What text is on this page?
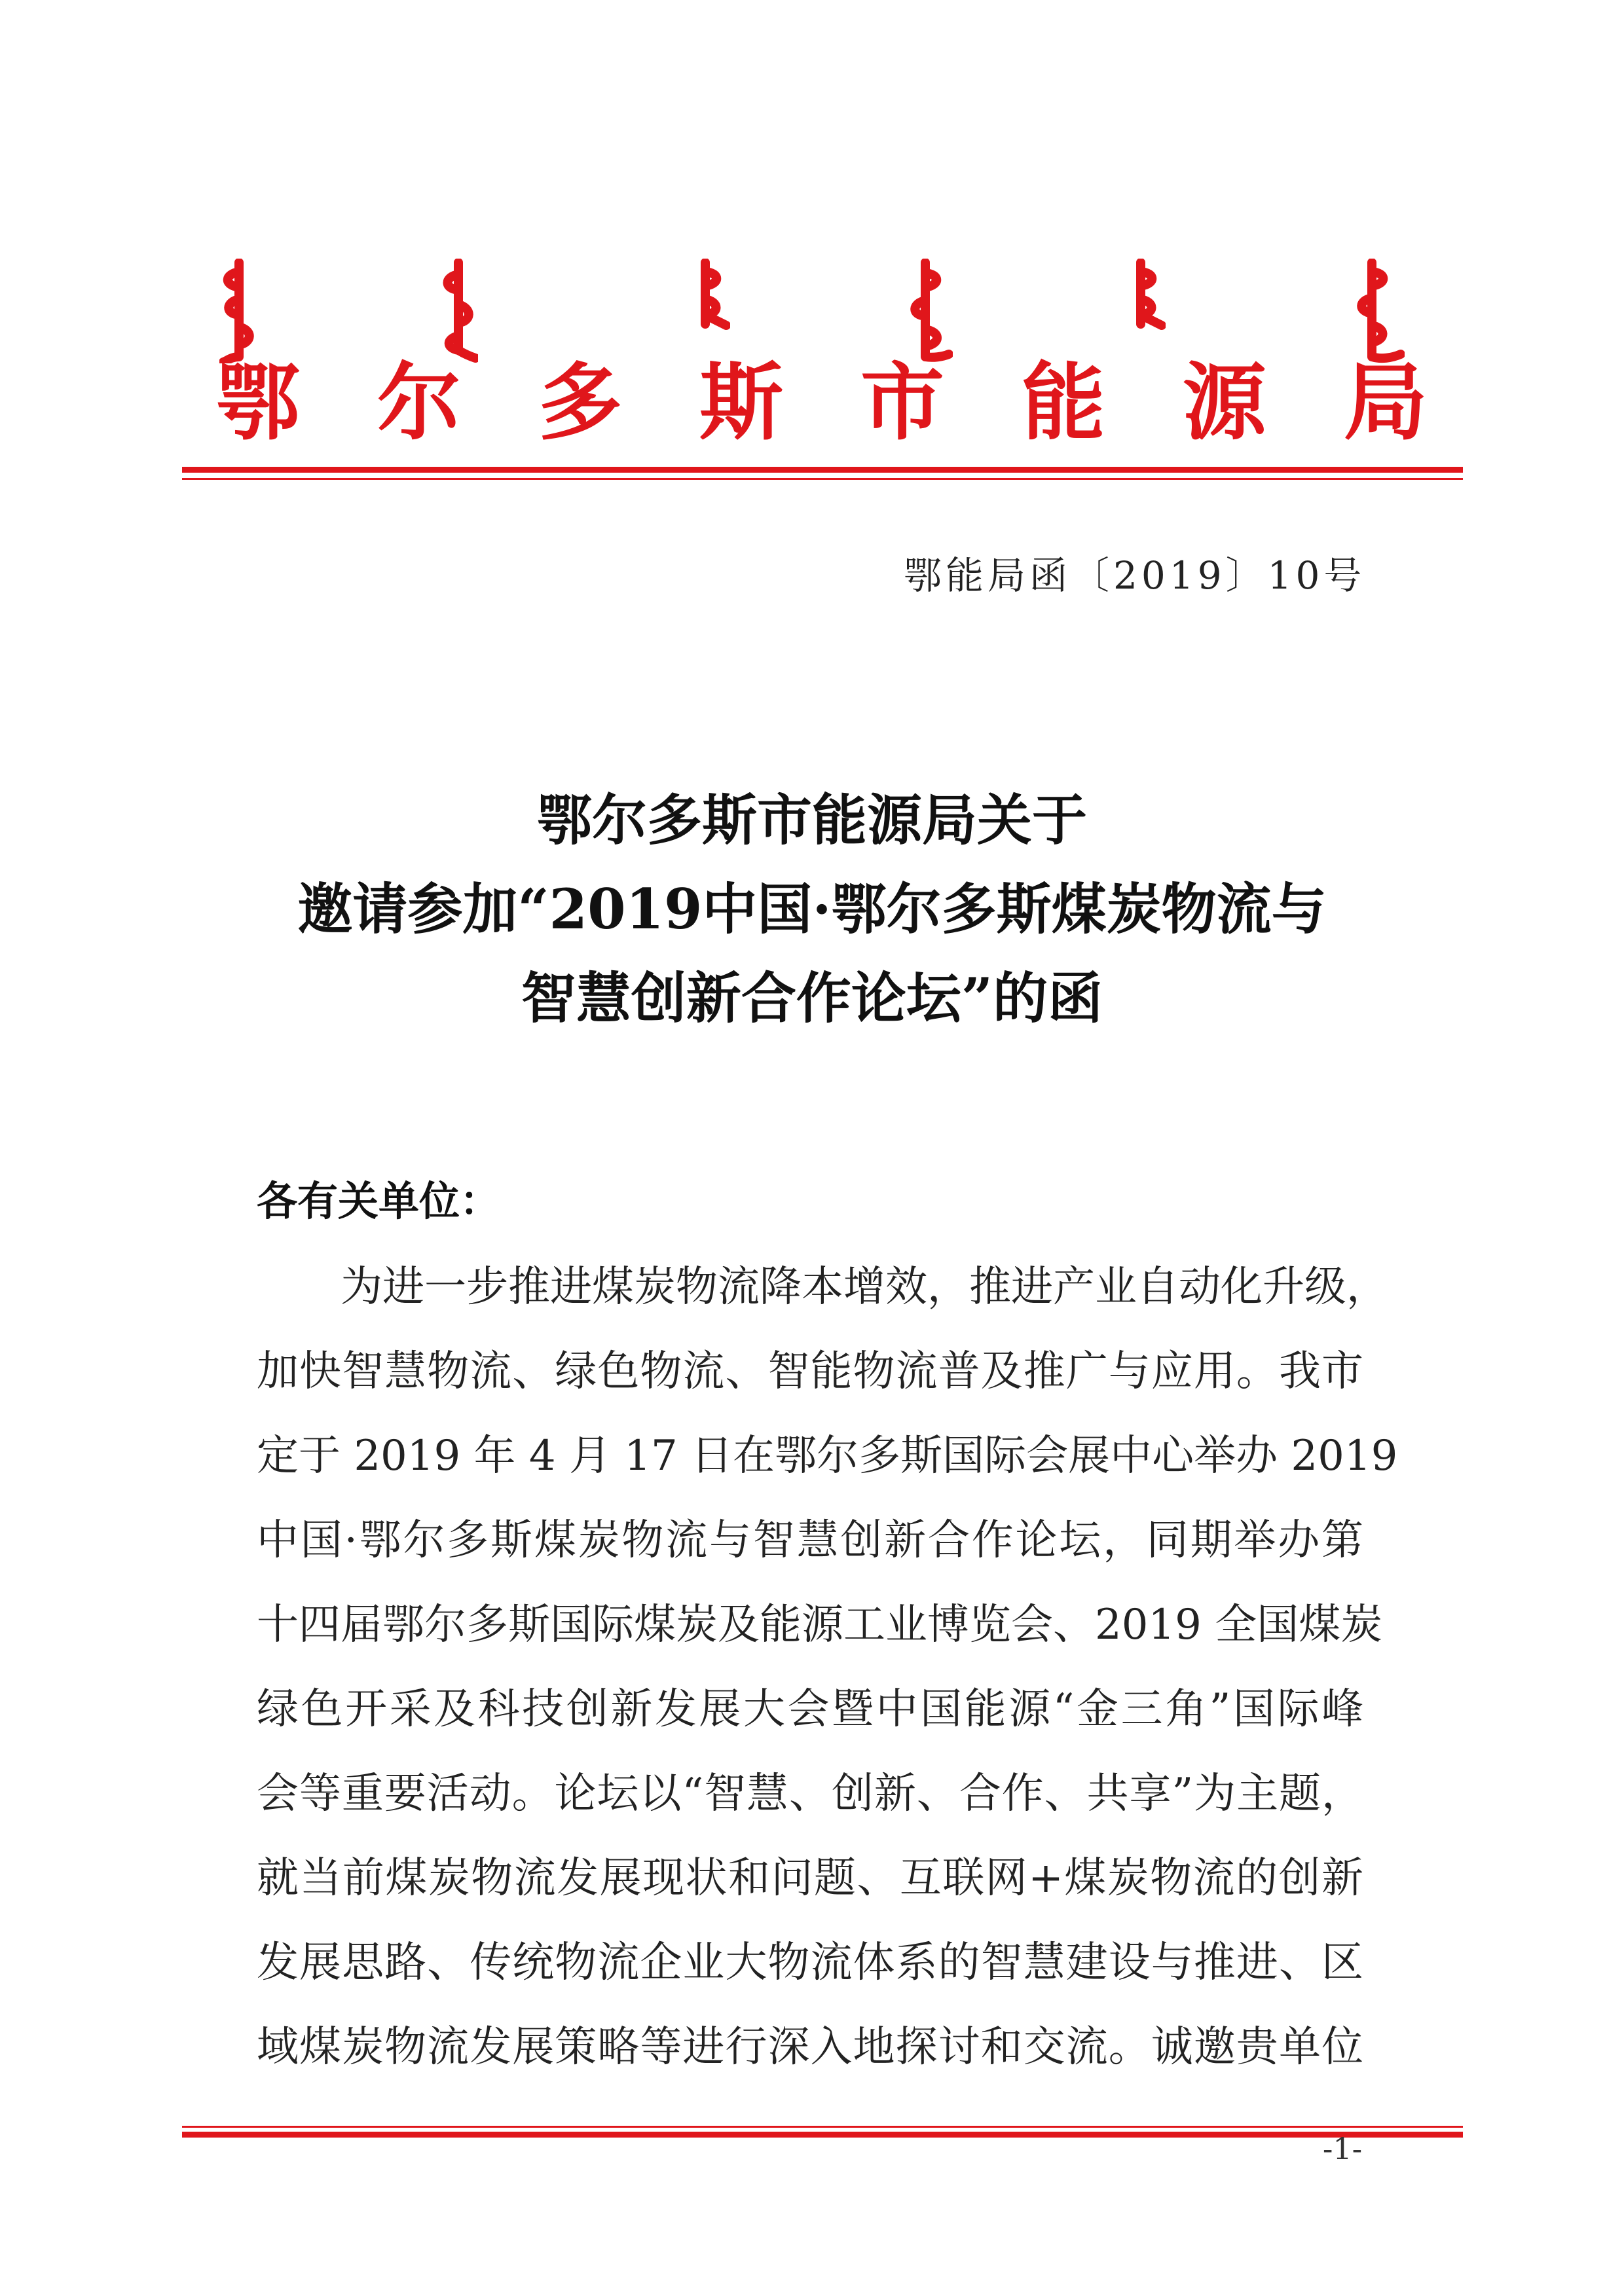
鄂 尔 多 斯 市 能 源 局
鄂能局函〔2019〕10号
鄂尔多斯市能源局关于
邀请参加“2019中国·鄂尔多斯煤炭物流与
智慧创新合作论坛”的函
各有关单位：
为进一步推进煤炭物流降本增效，推进产业自动化升级，
加快智慧物流、绿色物流、智能物流普及推广与应用。我市
定于 2019 年 4 月 17 日在鄂尔多斯国际会展中心举办 2019
中国·鄂尔多斯煤炭物流与智慧创新合作论坛，同期举办第
十四届鄂尔多斯国际煤炭及能源工业博览会、2019 全国煤炭
绿色开采及科技创新发展大会暨中国能源“金三角”国际峰
会等重要活动。论坛以“智慧、创新、合作、共享”为主题，
就当前煤炭物流发展现状和问题、互联网+煤炭物流的创新
发展思路、传统物流企业大物流体系的智慧建设与推进、区
域煤炭物流发展策略等进行深入地探讨和交流。诚邀贵单位
-1-
